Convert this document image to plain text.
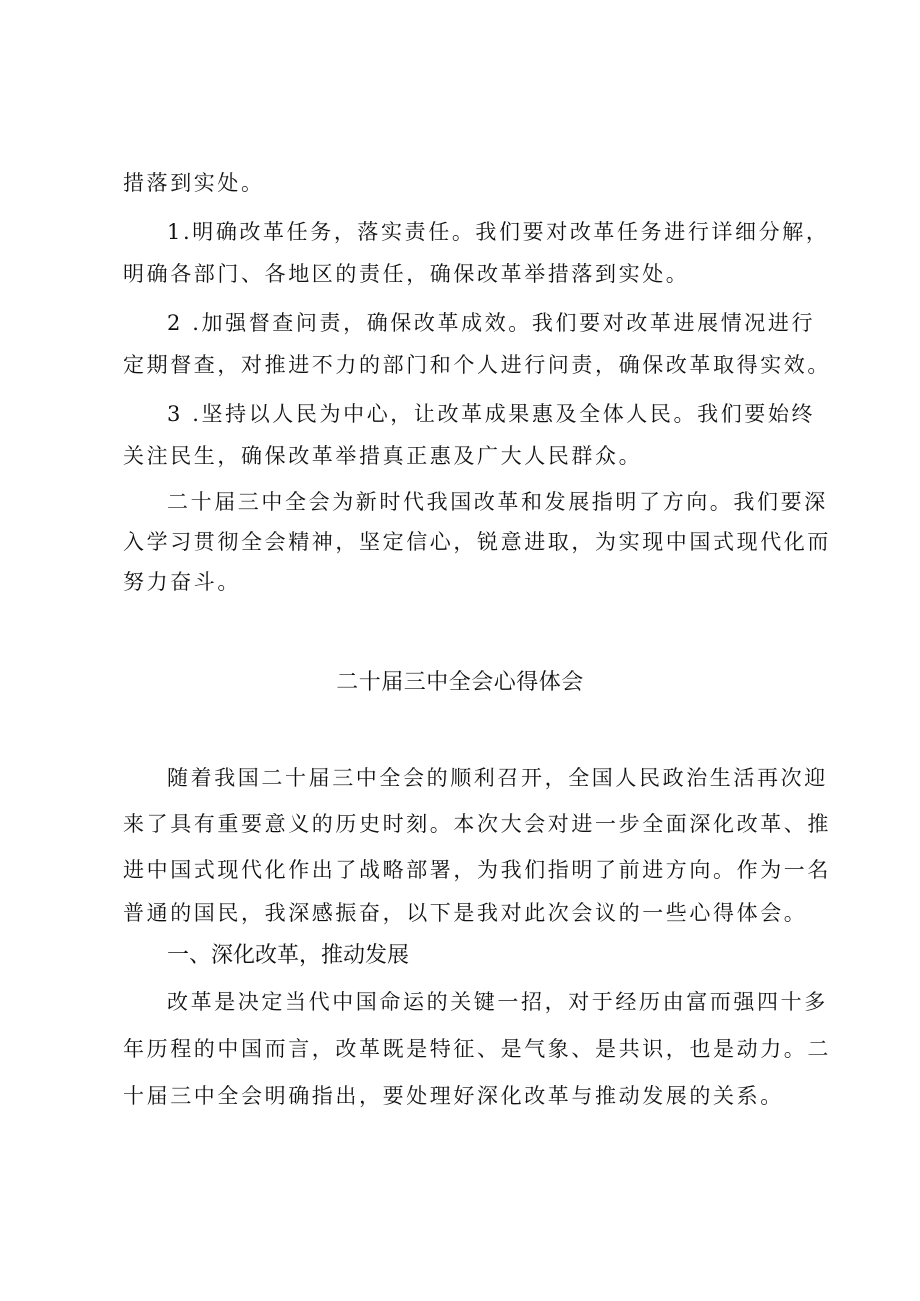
措落到实处。
1.明确改革任务，落实责任。我们要对改革任务进行详细分解，
明确各部门、各地区的责任，确保改革举措落到实处。
2 .加强督查问责，确保改革成效。我们要对改革进展情况进行
定期督查，对推进不力的部门和个人进行问责，确保改革取得实效。
3 .坚持以人民为中心，让改革成果惠及全体人民。我们要始终
关注民生，确保改革举措真正惠及广大人民群众。
二十届三中全会为新时代我国改革和发展指明了方向。我们要深
入学习贯彻全会精神，坚定信心，锐意进取，为实现中国式现代化而
努力奋斗。
二十届三中全会心得体会
随着我国二十届三中全会的顺利召开，全国人民政治生活再次迎
来了具有重要意义的历史时刻。本次大会对进一步全面深化改革、推
进中国式现代化作出了战略部署，为我们指明了前进方向。作为一名
普通的国民，我深感振奋，以下是我对此次会议的一些心得体会。
一、深化改革，推动发展
改革是决定当代中国命运的关键一招，对于经历由富而强四十多
年历程的中国而言，改革既是特征、是气象、是共识，也是动力。二
十届三中全会明确指出，要处理好深化改革与推动发展的关系。
